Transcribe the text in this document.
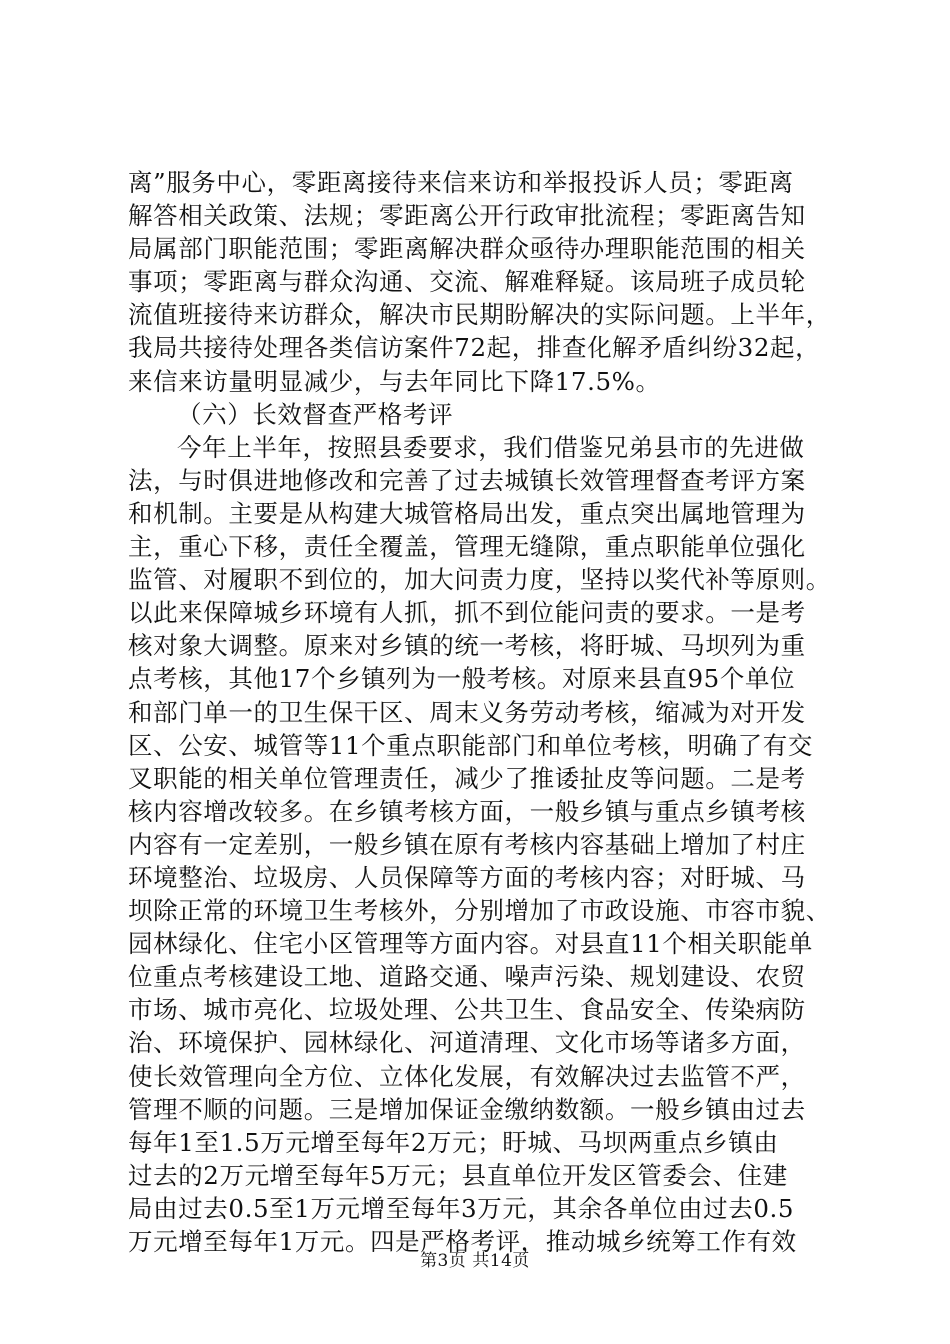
离”服务中心，零距离接待来信来访和举报投诉人员；零距离
解答相关政策、法规；零距离公开行政审批流程；零距离告知
局属部门职能范围；零距离解决群众亟待办理职能范围的相关
事项；零距离与群众沟通、交流、解难释疑。该局班子成员轮
流值班接待来访群众，解决市民期盼解决的实际问题。上半年，
我局共接待处理各类信访案件72起，排查化解矛盾纠纷32起，
来信来访量明显减少，与去年同比下降17.5%。
（六）长效督查严格考评
今年上半年，按照县委要求，我们借鉴兄弟县市的先进做
法，与时俱进地修改和完善了过去城镇长效管理督查考评方案
和机制。主要是从构建大城管格局出发，重点突出属地管理为
主，重心下移，责任全覆盖，管理无缝隙，重点职能单位强化
监管、对履职不到位的，加大问责力度，坚持以奖代补等原则。
以此来保障城乡环境有人抓，抓不到位能问责的要求。一是考
核对象大调整。原来对乡镇的统一考核，将盱城、马坝列为重
点考核，其他17个乡镇列为一般考核。对原来县直95个单位
和部门单一的卫生保干区、周末义务劳动考核，缩减为对开发
区、公安、城管等11个重点职能部门和单位考核，明确了有交
叉职能的相关单位管理责任，减少了推诿扯皮等问题。二是考
核内容增改较多。在乡镇考核方面，一般乡镇与重点乡镇考核
内容有一定差别，一般乡镇在原有考核内容基础上增加了村庄
环境整治、垃圾房、人员保障等方面的考核内容；对盱城、马
坝除正常的环境卫生考核外，分别增加了市政设施、市容市貌、
园林绿化、住宅小区管理等方面内容。对县直11个相关职能单
位重点考核建设工地、道路交通、噪声污染、规划建设、农贸
市场、城市亮化、垃圾处理、公共卫生、食品安全、传染病防
治、环境保护、园林绿化、河道清理、文化市场等诸多方面，
使长效管理向全方位、立体化发展，有效解决过去监管不严，
管理不顺的问题。三是增加保证金缴纳数额。一般乡镇由过去
每年1至1.5万元增至每年2万元；盱城、马坝两重点乡镇由
过去的2万元增至每年5万元；县直单位开发区管委会、住建
局由过去0.5至1万元增至每年3万元，其余各单位由过去0.5
万元增至每年1万元。四是严格考评，推动城乡统筹工作有效
第3页 共14页
